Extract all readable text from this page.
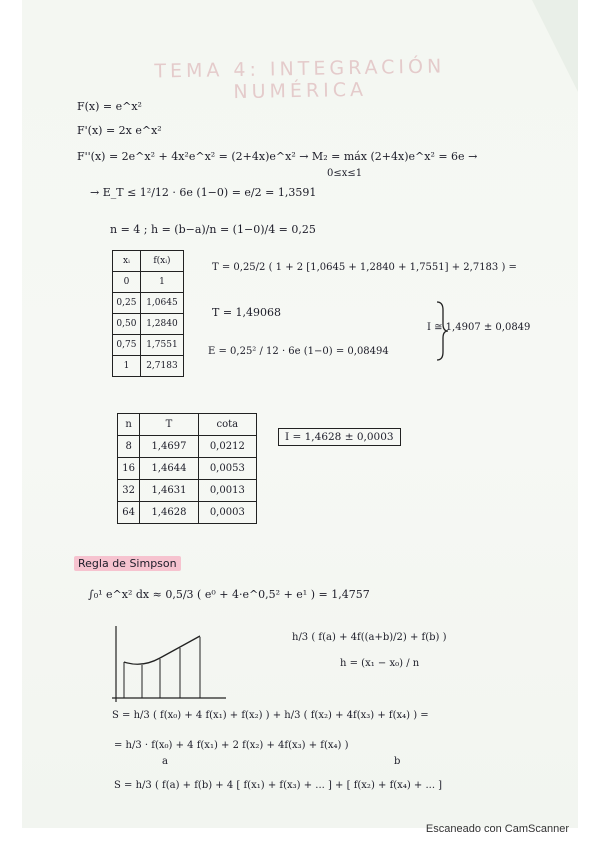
TEMA 4: INTEGRACIÓN NUMÉRICA
F(x) = e^x²
F'(x) = 2x e^x²
F''(x) = 2e^x² + 4x²e^x² = (2+4x)e^x² → M₂ = máx (2+4x)e^x² = 6e →
0≤x≤1
→ E_T ≤ 1²/12 · 6e (1−0) = e/2 = 1,3591
n = 4 ; h = (b−a)/n = (1−0)/4 = 0,25
xᵢ	f(xᵢ)
0	1
0,25	1,0645
0,50	1,2840
0,75	1,7551
1	2,7183
T = 0,25/2 ( 1 + 2 [1,0645 + 1,2840 + 1,7551] + 2,7183 ) =
T = 1,49068
E = 0,25² / 12 · 6e (1−0) = 0,08494
I ≅ 1,4907 ± 0,0849
n	T	cota
8	1,4697	0,0212
16	1,4644	0,0053
32	1,4631	0,0013
64	1,4628	0,0003
I = 1,4628 ± 0,0003
Regla de Simpson
∫₀¹ e^x² dx ≈ 0,5/3 ( e⁰ + 4·e^0,5² + e¹ ) = 1,4757
h/3 ( f(a) + 4f((a+b)/2) + f(b) )
h = (x₁ − x₀) / n
S = h/3 ( f(x₀) + 4 f(x₁) + f(x₂) ) + h/3 ( f(x₂) + 4f(x₃) + f(x₄) ) =
= h/3 · f(x₀) + 4 f(x₁) + 2 f(x₂) + 4f(x₃) + f(x₄) )
a	b
S = h/3 ( f(a) + f(b) + 4 [ f(x₁) + f(x₃) + ... ] + [ f(x₂) + f(x₄) + ... ]
Escaneado con CamScanner
